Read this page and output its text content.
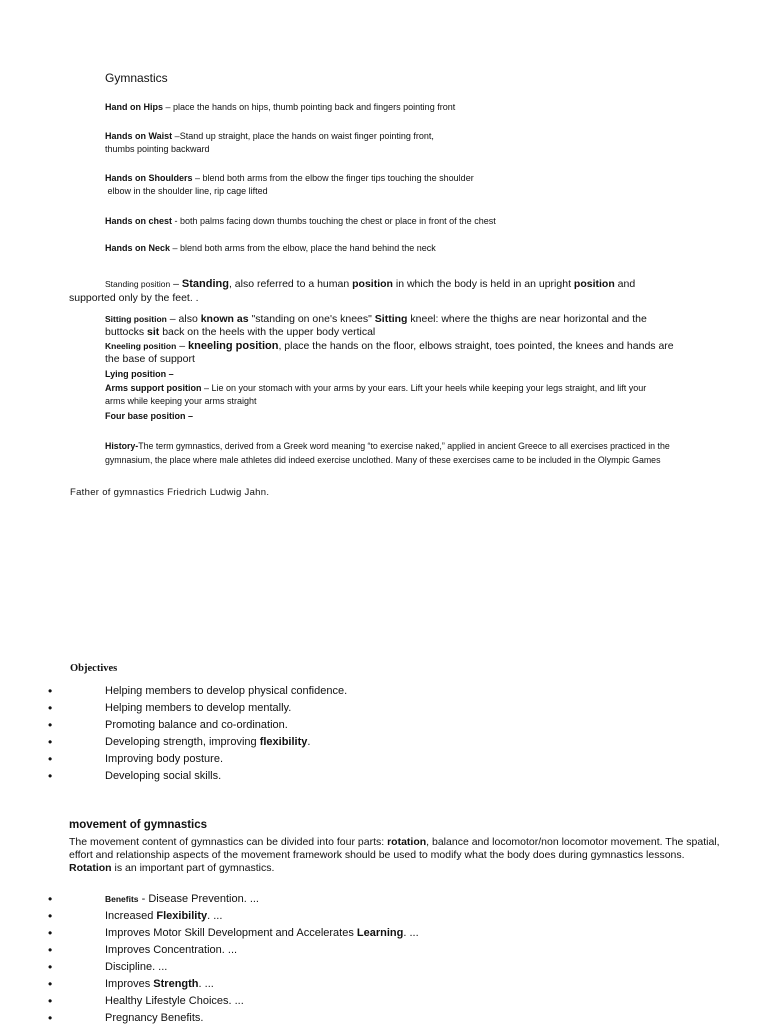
Gymnastics
Hand on Hips – place the hands on hips, thumb pointing back and fingers pointing front
Hands on Waist –Stand up straight, place the hands on waist finger pointing front,
thumbs pointing backward
Hands on Shoulders – blend both arms from the elbow the finger tips touching the shoulder
elbow in the shoulder line, rip cage lifted
Hands on chest - both palms facing down thumbs touching the chest or place in front of the chest
Hands on Neck – blend both arms from the elbow, place the hand behind the neck
Standing position – Standing, also referred to a human position in which the body is held in an upright position and
supported only by the feet. .
Sitting position – also known as "standing on one's knees" Sitting kneel: where the thighs are near horizontal and the
buttocks sit back on the heels with the upper body vertical
Kneeling position – kneeling position, place the hands on the floor, elbows straight, toes pointed, the knees and hands are
the base of support
Lying position –
Arms support position – Lie on your stomach with your arms by your ears. Lift your heels while keeping your legs straight, and lift your
arms while keeping your arms straight
Four base position –
History-The term gymnastics, derived from a Greek word meaning “to exercise naked,” applied in ancient Greece to all exercises practiced in the gymnasium, the place where male athletes did indeed exercise unclothed. Many of these exercises came to be included in the Olympic Games
Father of gymnastics Friedrich Ludwig Jahn.
Objectives
•	Helping members to develop physical confidence.
•	Helping members to develop mentally.
•	Promoting balance and co-ordination.
•	Developing strength, improving flexibility.
•	Improving body posture.
•	Developing social skills.
movement of gymnastics
The movement content of gymnastics can be divided into four parts: rotation, balance and locomotor/non locomotor movement. The spatial, effort and relationship aspects of the movement framework should be used to modify what the body does during gymnastics lessons. Rotation is an important part of gymnastics.
•	Benefits - Disease Prevention. ...
•	Increased Flexibility. ...
•	Improves Motor Skill Development and Accelerates Learning. ...
•	Improves Concentration. ...
•	Discipline. ...
•	Improves Strength. ...
•	Healthy Lifestyle Choices. ...
•	Pregnancy Benefits.
